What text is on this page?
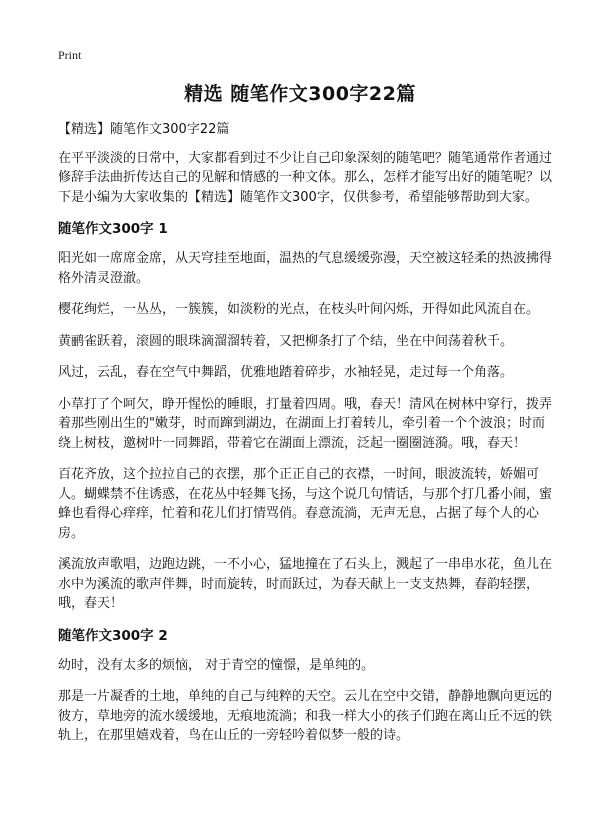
Print
精选 随笔作文300字22篇

【精选】随笔作文300字22篇

在平平淡淡的日常中，大家都看到过不少让自己印象深刻的随笔吧？随笔通常作者通过修辞手法曲折传达自己的见解和情感的一种文体。那么，怎样才能写出好的随笔呢？以下是小编为大家收集的【精选】随笔作文300字，仅供参考，希望能够帮助到大家。

随笔作文300字 1

阳光如一席席金席，从天穹挂至地面，温热的气息缓缓弥漫，天空被这轻柔的热波拂得格外清灵澄澈。

樱花绚烂，一丛丛，一簇簇，如淡粉的光点，在枝头叶间闪烁，开得如此风流自在。

黄鹂雀跃着，滚圆的眼珠滴溜溜转着，又把柳条打了个结，坐在中间荡着秋千。

风过，云乱，春在空气中舞蹈，优雅地踏着碎步，水袖轻晃，走过每一个角落。

小草打了个呵欠，睁开惺忪的睡眼，打量着四周。哦，春天！清风在树林中穿行，拨弄着那些刚出生的"嫩芽，时而蹿到湖边，在湖面上打着转儿，牵引着一个个波浪；时而绕上树枝，邀树叶一同舞蹈，带着它在湖面上漂流，泛起一圈圈涟漪。哦，春天！

百花齐放，这个拉拉自己的衣摆，那个正正自己的衣襟，一时间，眼波流转，娇媚可人。蝴蝶禁不住诱惑，在花丛中轻舞飞扬，与这个说几句情话，与那个打几番小闹，蜜蜂也看得心痒痒，忙着和花儿们打情骂俏。春意流淌，无声无息，占据了每个人的心房。

溪流放声歌唱，边跑边跳，一不小心，猛地撞在了石头上，溅起了一串串水花，鱼儿在水中为溪流的歌声伴舞，时而旋转，时而跃过，为春天献上一支支热舞，春韵轻摆，哦，春天！

随笔作文300字 2

幼时，没有太多的烦恼， 对于青空的憧憬，是单纯的。

那是一片凝香的土地，单纯的自己与纯粹的天空。云儿在空中交错，静静地飘向更远的彼方，草地旁的流水缓缓地，无痕地流淌；和我一样大小的孩子们跑在离山丘不远的铁轨上，在那里嬉戏着，鸟在山丘的一旁轻吟着似梦一般的诗。
